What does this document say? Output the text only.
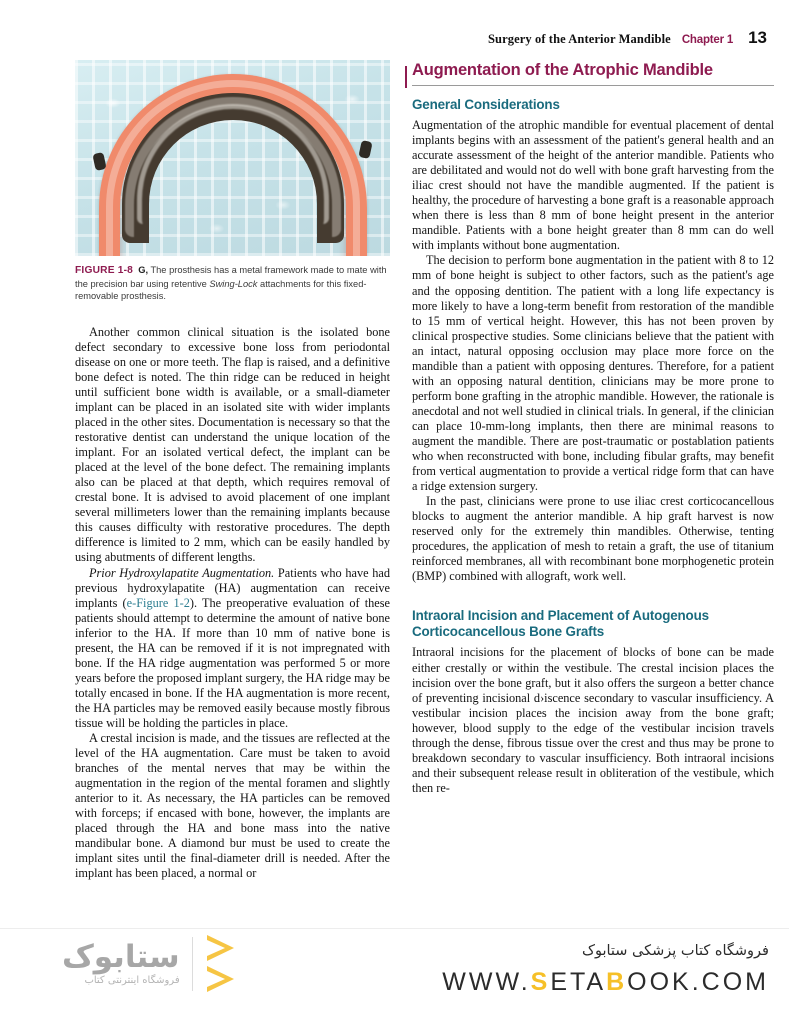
Surgery of the Anterior Mandible Chapter 1 13
FIGURE 1-8 G, The prosthesis has a metal framework made to mate with the precision bar using retentive Swing-Lock attachments for this fixed-removable prosthesis.

Another common clinical situation is the isolated bone defect secondary to excessive bone loss from periodontal disease on one or more teeth. The flap is raised, and a definitive bone defect is noted. The thin ridge can be reduced in height until sufficient bone width is available, or a small-diameter implant can be placed in an isolated site with wider implants placed in the other sites. Documentation is necessary so that the restorative dentist can understand the unique location of the implant. For an isolated vertical defect, the implant can be placed at the level of the bone defect. The remaining implants also can be placed at that depth, which requires removal of crestal bone. It is advised to avoid placement of one implant several millimeters lower than the remaining implants because this causes difficulty with restorative procedures. The depth difference is limited to 2 mm, which can be easily handled by using abutments of different lengths.

Prior Hydroxylapatite Augmentation. Patients who have had previous hydroxylapatite (HA) augmentation can receive implants (e-Figure 1-2). The preoperative evaluation of these patients should attempt to determine the amount of native bone inferior to the HA. If more than 10 mm of native bone is present, the HA can be removed if it is not impregnated with bone. If the HA ridge augmentation was performed 5 or more years before the proposed implant surgery, the HA ridge may be totally encased in bone. If the HA augmentation is more recent, the HA particles may be removed easily because mostly fibrous tissue will be holding the particles in place.

A crestal incision is made, and the tissues are reflected at the level of the HA augmentation. Care must be taken to avoid branches of the mental nerves that may be within the augmentation in the region of the mental foramen and slightly anterior to it. As necessary, the HA particles can be removed with forceps; if encased with bone, however, the implants are placed through the HA and bone mass into the native mandibular bone. A diamond bur must be used to create the implant sites until the final-diameter drill is needed. After the implant has been placed, a normal or

Augmentation of the Atrophic Mandible
General Considerations

Augmentation of the atrophic mandible for eventual placement of dental implants begins with an assessment of the patient's general health and an accurate assessment of the height of the anterior mandible. Patients who are debilitated and would not do well with bone graft harvesting from the iliac crest should not have the mandible augmented. If the patient is healthy, the procedure of harvesting a bone graft is a reasonable approach when there is less than 8 mm of bone height present in the anterior mandible. Patients with a bone height greater than 8 mm can do well with implants without bone augmentation.

The decision to perform bone augmentation in the patient with 8 to 12 mm of bone height is subject to other factors, such as the patient's age and the opposing dentition. The patient with a long life expectancy is more likely to have a long-term benefit from restoration of the mandible to 15 mm of vertical height. However, this has not been proven by clinical prospective studies. Some clinicians believe that the patient with an intact, natural opposing occlusion may place more force on the mandible than a patient with opposing dentures. Therefore, for a patient with an opposing natural dentition, clinicians may be more prone to perform bone grafting in the atrophic mandible. However, the rationale is anecdotal and not well studied in clinical trials. In general, if the clinician can place 10-mm-long implants, then there are minimal reasons to augment the mandible. There are post-traumatic or postablation patients who when reconstructed with bone, including fibular grafts, may benefit from vertical augmentation to provide a vertical ridge form that can have a ridge extension surgery.

In the past, clinicians were prone to use iliac crest corticocancellous blocks to augment the anterior mandible. A hip graft harvest is now reserved only for the extremely thin mandibles. Otherwise, tenting procedures, the application of mesh to retain a graft, the use of titanium reinforced membranes, all with recombinant bone morphogenetic protein (BMP) combined with allograft, work well.

Intraoral Incision and Placement of Autogenous Corticocancellous Bone Grafts

Intraoral incisions for the placement of blocks of bone can be made either crestally or within the vestibule. The crestal incision places the incision over the bone graft, but it also offers the surgeon a better chance of preventing incisional d›iscence secondary to vascular insufficiency. A vestibular incision places the incision away from the bone graft; however, blood supply to the edge of the vestibular incision travels through the dense, fibrous tissue over the crest and thus may be prone to breakdown secondary to vascular insufficiency. Both intraoral incisions and their subsequent release result in obliteration of the vestibule, which then re-

ستابوک
فروشگاه اینترنتی کتاب
فروشگاه کتاب پزشکی ستابوک
WWW.SETABOOK.COM
